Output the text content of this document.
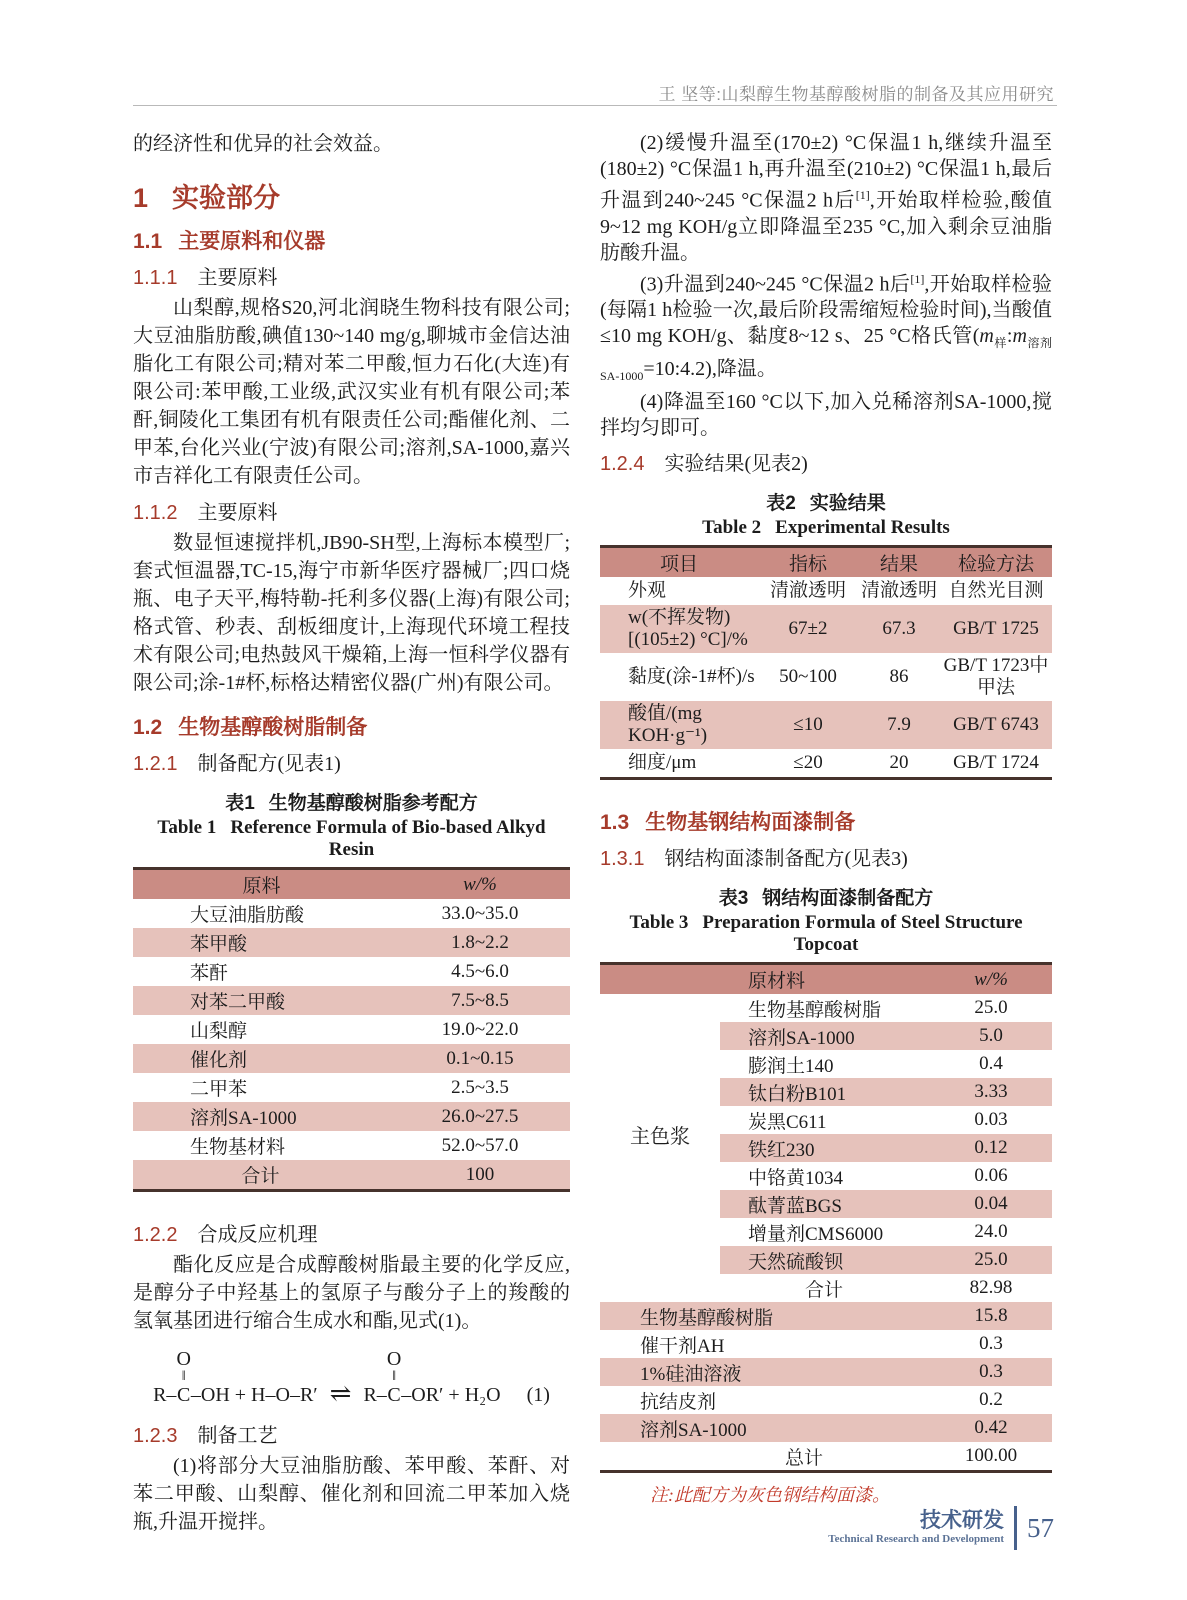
王 坚等:山梨醇生物基醇酸树脂的制备及其应用研究

的经济性和优异的社会效益。

1 实验部分
1.1 主要原料和仪器
1.1.1 主要原料

山梨醇,规格S20,河北润晓生物科技有限公司;大豆油脂肪酸,碘值130~140 mg/g,聊城市金信达油脂化工有限公司;精对苯二甲酸,恒力石化(大连)有限公司:苯甲酸,工业级,武汉实业有机有限公司;苯酐,铜陵化工集团有机有限责任公司;酯催化剂、二甲苯,台化兴业(宁波)有限公司;溶剂,SA-1000,嘉兴市吉祥化工有限责任公司。

1.1.2 主要原料

数显恒速搅拌机,JB90-SH型,上海标本模型厂;套式恒温器,TC-15,海宁市新华医疗器械厂;四口烧瓶、电子天平,梅特勒-托利多仪器(上海)有限公司;格式管、秒表、刮板细度计,上海现代环境工程技术有限公司;电热鼓风干燥箱,上海一恒科学仪器有限公司;涂-1#杯,标格达精密仪器(广州)有限公司。

1.2 生物基醇酸树脂制备
1.2.1 制备配方(见表1)
表1 生物基醇酸树脂参考配方
Table 1 Reference Formula of Bio-based Alkyd Resin
原料	w/%
大豆油脂肪酸	33.0~35.0
苯甲酸	1.8~2.2
苯酐	4.5~6.0
对苯二甲酸	7.5~8.5
山梨醇	19.0~22.0
催化剂	0.1~0.15
二甲苯	2.5~3.5
溶剂SA-1000	26.0~27.5
生物基材料	52.0~57.0
合计	100
1.2.2 合成反应机理

酯化反应是合成醇酸树脂最主要的化学反应,是醇分子中羟基上的氢原子与酸分子上的羧酸的氢氧基团进行缩合生成水和酯,见式(1)。

R–
O
‖
C –OH + H–O–R′ ⇌ R–
O
‖
C –OR′ + H₂O (1)
1.2.3 制备工艺

(1)将部分大豆油脂肪酸、苯甲酸、苯酐、对苯二甲酸、山梨醇、催化剂和回流二甲苯加入烧瓶,升温开搅拌。

(2)缓慢升温至(170±2) °C保温1 h,继续升温至(180±2) °C保温1 h,再升温至(210±2) °C保温1 h,最后升温到240~245 °C保温2 h后[1],开始取样检验,酸值9~12 mg KOH/g立即降温至235 °C,加入剩余豆油脂肪酸升温。

(3)升温到240~245 °C保温2 h后[1],开始取样检验(每隔1 h检验一次,最后阶段需缩短检验时间),当酸值≤10 mg KOH/g、黏度8~12 s、25 °C格氏管$(m_样:m_{溶剂SA-1000}=10:4.2)$,降温。

(4)降温至160 °C以下,加入兑稀溶剂SA-1000,搅拌均匀即可。

1.2.4 实验结果(见表2)
表2 实验结果
Table 2 Experimental Results
项目	指标	结果	检验方法
外观	清澈透明	清澈透明	自然光目测
w(不挥发物)[(105±2) °C]/%	67±2	67.3	GB/T 1725
黏度(涂-1#杯)/s	50~100	86	GB/T 1723中甲法
酸值/(mg KOH·g⁻¹)	≤10	7.9	GB/T 6743
细度/μm	≤20	20	GB/T 1724
1.3 生物基钢结构面漆制备
1.3.1 钢结构面漆制备配方(见表3)
表3 钢结构面漆制备配方
Table 3 Preparation Formula of Steel Structure Topcoat
原材料		w/%
主色浆	生物基醇酸树脂	25.0
	溶剂SA-1000	5.0
	膨润土140	0.4
	钛白粉B101	3.33
	炭黑C611	0.03
	铁红230	0.12
	中铬黄1034	0.06
	酞菁蓝BGS	0.04
	增量剂CMS6000	24.0
	天然硫酸钡	25.0
合计		82.98
生物基醇酸树脂		15.8
催干剂AH		0.3
1%硅油溶液		0.3
抗结皮剂		0.2
溶剂SA-1000		0.42
总计		100.00

注:此配方为灰色钢结构面漆。

技术研发
Technical Research and Development 57
